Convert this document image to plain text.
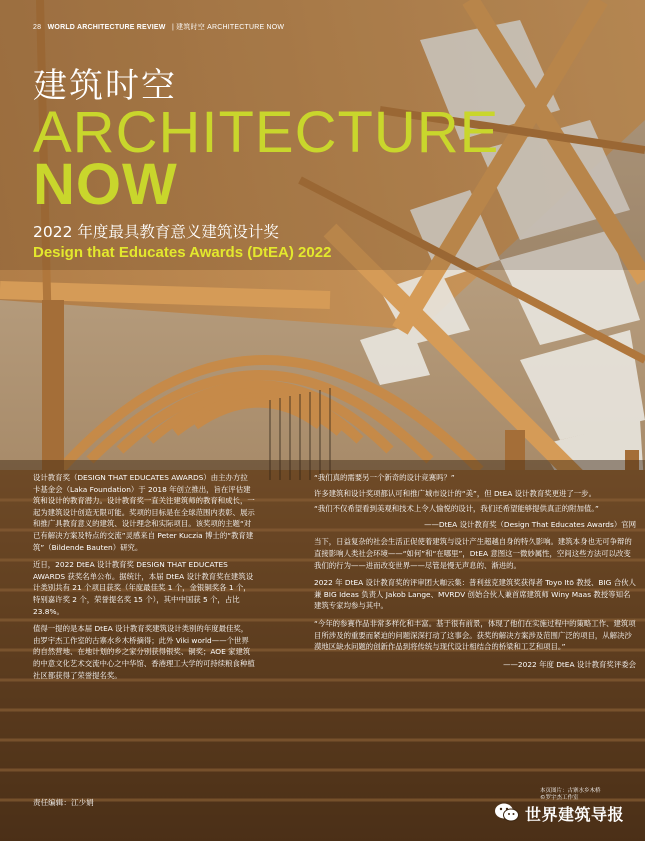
28 WORLD ARCHITECTURE REVIEW   | 建筑时空 ARCHITECTURE NOW
建筑时空
ARCHITECTURE
NOW
2022 年度最具教育意义建筑设计奖
Design that Educates Awards (DtEA) 2022

设计教育奖（DESIGN THAT EDUCATES AWARDS）由主办方拉卡基金会（Laka Foundation）于 2018 年创立推出，旨在评估建筑和设计的教育潜力。设计教育奖一直关注建筑师的教育和成长，一起为建筑设计创造无限可能。奖项的目标是在全球范围内表彰、展示和推广具教育意义的建筑、设计理念和实际项目。该奖项的主题“对已有解决方案及特点的交流”灵感来自 Peter Kuczia 博士的“教育建筑”（Bildende Bauten）研究。

近日，2022 DtEA 设计教育奖 DESIGN THAT EDUCATES AWARDS 获奖名单公布。据统计，本届 DtEA 设计教育奖在建筑设计类别共有 21 个项目获奖（年度最佳奖 1 个，金银铜奖各 1 个，特别嘉许奖 2 个，荣誉提名奖 15 个），其中中国获 5 个，占比 23.8%。

值得一提的是本届 DtEA 设计教育奖建筑设计类别的年度最佳奖，由罗宇杰工作室的古寨水乡木桥摘得；此外 Viki world——个世界的自然营地、在地计划的乡之家分别获得银奖、铜奖；AOE 家建筑的中意文化艺术交流中心之中华馆、香港理工大学的可持续粮食种植社区都获得了荣誉提名奖。

“我们真的需要另一个新奇的设计竞赛吗？”

许多建筑和设计奖项都认可和推广城市设计的“美”，但 DtEA 设计教育奖更进了一步。

“我们不仅希望看到美观和技术上令人愉悦的设计，我们还希望能够提供真正的附加值。”

——DtEA 设计教育奖（Design That Educates Awards）官网

当下，日益复杂的社会生活正促使着建筑与设计产生超越自身的特久影响。建筑本身也无可争辩的直接影响人类社会环境——“如何”和“在哪里”，DtEA 意图这一微妙属性，空间这些方法可以改变我们的行为——进而改变世界——尽管是慢无声息的、渐进的。

2022 年 DtEA 设计教育奖的评审团大咖云集：普利兹克建筑奖获得者 Toyo Itō 教授、BIG 合伙人兼 BIG Ideas 负责人 Jakob Lange、MVRDV 创始合伙人兼首席建筑师 Winy Maas 教授等知名建筑专家均参与其中。

“今年的参赛作品非常多样化和丰富。基于很有前景，体现了他们在实施过程中的策略工作、建筑项目所涉及的重要而紧迫的问题深深打动了这事会。获奖的解决方案涉及范围广泛的项目，从解决沙漠地区缺水问题的创新作品到将传统与现代设计相结合的桥梁和工艺和项目。”

——2022 年度 DtEA 设计教育奖评委会

责任编辑：江少娟
本页图片：古寨水乡木桥
©罗宇杰工作室
世界建筑导报
